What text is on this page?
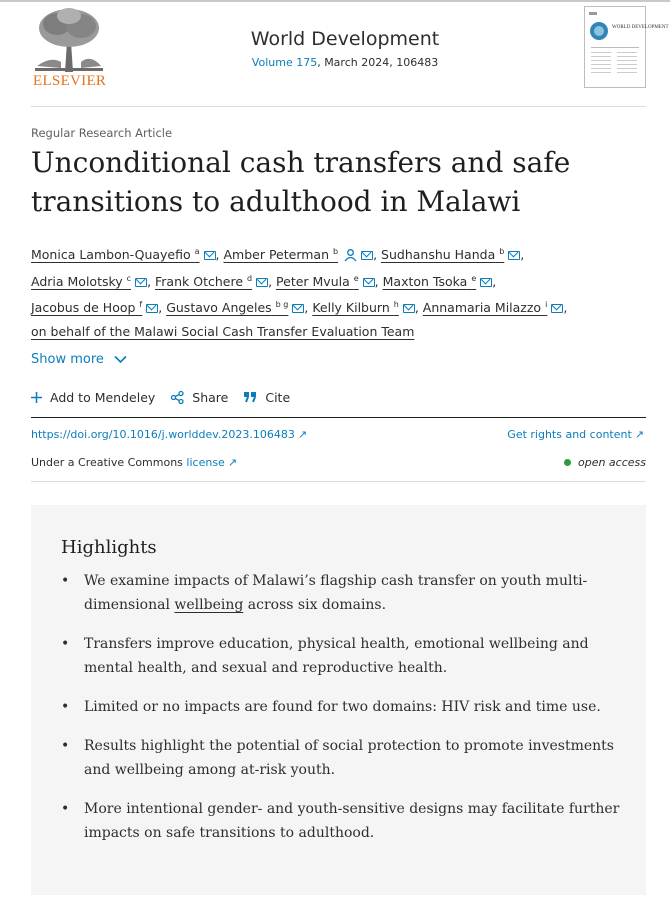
ELSEVIER
World Development
Volume 175, March 2024, 106483
WORLD DEVELOPMENT
Regular Research Article
Unconditional cash transfers and safe transitions to adulthood in Malawi
Monica Lambon-Quayefio $^a$ , Amber Peterman $^b$	, Sudhanshu Handa $^b$ ,
Adria Molotsky $^c$ , Frank Otchere $^d$ , Peter Mvula $^e$ , Maxton Tsoka $^e$ ,
Jacobus de Hoop $^f$ , Gustavo Angeles $^{b g}$ , Kelly Kilburn $^h$ , Annamaria Milazzo $^i$ ,
on behalf of the Malawi Social Cash Transfer Evaluation Team
Show more
Add to Mendeley	Share	Cite
https://doi.org/10.1016/j.worlddev.2023.106483 ↗	Get rights and content ↗
Under a Creative Commons license ↗	open access
Highlights
• We examine impacts of Malawi’s flagship cash transfer on youth multi-dimensional wellbeing across six domains.
• Transfers improve education, physical health, emotional wellbeing and mental health, and sexual and reproductive health.
• Limited or no impacts are found for two domains: HIV risk and time use.
• Results highlight the potential of social protection to promote investments and wellbeing among at-risk youth.
• More intentional gender- and youth-sensitive designs may facilitate further impacts on safe transitions to adulthood.
